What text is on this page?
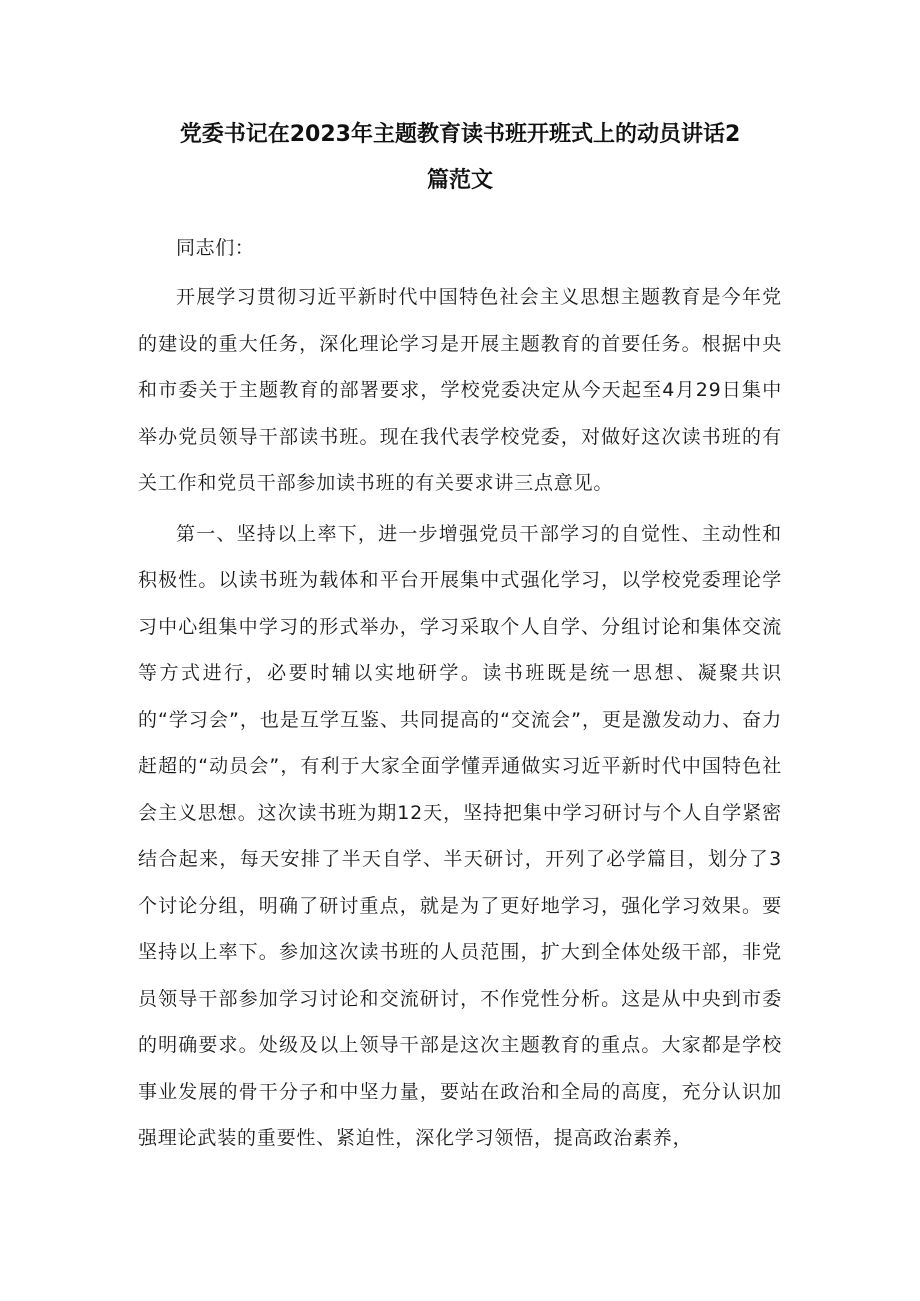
党委书记在2023年主题教育读书班开班式上的动员讲话2
篇范文

同志们：

开展学习贯彻习近平新时代中国特色社会主义思想主题教育是今年党的建设的重大任务，深化理论学习是开展主题教育的首要任务。根据中央和市委关于主题教育的部署要求，学校党委决定从今天起至4月29日集中举办党员领导干部读书班。现在我代表学校党委，对做好这次读书班的有关工作和党员干部参加读书班的有关要求讲三点意见。

第一、坚持以上率下，进一步增强党员干部学习的自觉性、主动性和积极性。以读书班为载体和平台开展集中式强化学习，以学校党委理论学习中心组集中学习的形式举办，学习采取个人自学、分组讨论和集体交流等方式进行，必要时辅以实地研学。读书班既是统一思想、凝聚共识的“学习会”，也是互学互鉴、共同提高的“交流会”，更是激发动力、奋力赶超的“动员会”，有利于大家全面学懂弄通做实习近平新时代中国特色社会主义思想。这次读书班为期12天，坚持把集中学习研讨与个人自学紧密结合起来，每天安排了半天自学、半天研讨，开列了必学篇目，划分了3个讨论分组，明确了研讨重点，就是为了更好地学习，强化学习效果。要坚持以上率下。参加这次读书班的人员范围，扩大到全体处级干部，非党员领导干部参加学习讨论和交流研讨，不作党性分析。这是从中央到市委的明确要求。处级及以上领导干部是这次主题教育的重点。大家都是学校事业发展的骨干分子和中坚力量，要站在政治和全局的高度，充分认识加强理论武装的重要性、紧迫性，深化学习领悟，提高政治素养，
